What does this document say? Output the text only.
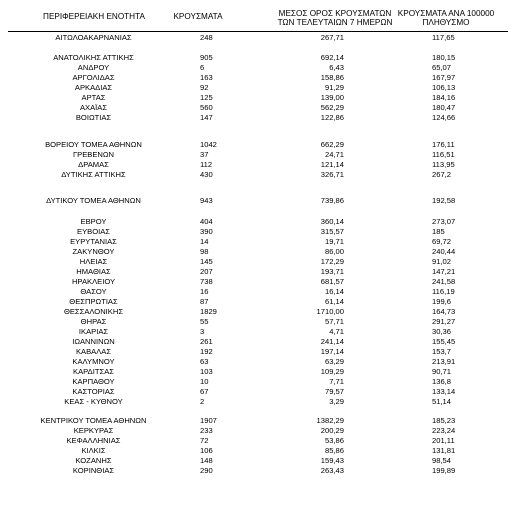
ΠΕΡΙΦΕΡΕΙΑΚΗ ΕΝΟΤΗΤΑ	ΚΡΟΥΣΜΑΤΑ	ΜΕΣΟΣ ΟΡΟΣ ΚΡΟΥΣΜΑΤΩΝ
ΤΩΝ ΤΕΛΕΥΤΑΙΩΝ 7 ΗΜΕΡΩΝ
ΚΡΟΥΣΜΑΤΑ ΑΝΑ 100000
ΠΛΗΘΥΣΜΟ
ΑΙΤΩΛΟΑΚΑΡΝΑΝΙΑΣ	248	267,71	117,65
ΑΝΑΤΟΛΙΚΗΣ ΑΤΤΙΚΗΣ	905	692,14	180,15
ΑΝΔΡΟΥ	6	6,43	65,07
ΑΡΓΟΛΙΔΑΣ	163	158,86	167,97
ΑΡΚΑΔΙΑΣ	92	91,29	106,13
ΑΡΤΑΣ	125	139,00	184,16
ΑΧΑΪΑΣ	560	562,29	180,47
ΒΟΙΩΤΙΑΣ	147	122,86	124,66
ΒΟΡΕΙΟΥ ΤΟΜΕΑ ΑΘΗΝΩΝ	1042	662,29	176,11
ΓΡΕΒΕΝΩΝ	37	24,71	116,51
ΔΡΑΜΑΣ	112	121,14	113,95
ΔΥΤΙΚΗΣ ΑΤΤΙΚΗΣ	430	326,71	267,2
ΔΥΤΙΚΟΥ ΤΟΜΕΑ ΑΘΗΝΩΝ	943	739,86	192,58
ΕΒΡΟΥ	404	360,14	273,07
ΕΥΒΟΙΑΣ	390	315,57	185
ΕΥΡΥΤΑΝΙΑΣ	14	19,71	69,72
ΖΑΚΥΝΘΟΥ	98	86,00	240,44
ΗΛΕΙΑΣ	145	172,29	91,02
ΗΜΑΘΙΑΣ	207	193,71	147,21
ΗΡΑΚΛΕΙΟΥ	738	681,57	241,58
ΘΑΣΟΥ	16	16,14	116,19
ΘΕΣΠΡΩΤΙΑΣ	87	61,14	199,6
ΘΕΣΣΑΛΟΝΙΚΗΣ	1829	1710,00	164,73
ΘΗΡΑΣ	55	57,71	291,27
ΙΚΑΡΙΑΣ	3	4,71	30,36
ΙΩΑΝΝΙΝΩΝ	261	241,14	155,45
ΚΑΒΑΛΑΣ	192	197,14	153,7
ΚΑΛΥΜΝΟΥ	63	63,29	213,91
ΚΑΡΔΙΤΣΑΣ	103	109,29	90,71
ΚΑΡΠΑΘΟΥ	10	7,71	136,8
ΚΑΣΤΟΡΙΑΣ	67	79,57	133,14
ΚΕΑΣ - ΚΥΘΝΟΥ	2	3,29	51,14
ΚΕΝΤΡΙΚΟΥ ΤΟΜΕΑ ΑΘΗΝΩΝ	1907	1382,29	185,23
ΚΕΡΚΥΡΑΣ	233	200,29	223,24
ΚΕΦΑΛΛΗΝΙΑΣ	72	53,86	201,11
ΚΙΛΚΙΣ	106	85,86	131,81
ΚΟΖΑΝΗΣ	148	159,43	98,54
ΚΟΡΙΝΘΙΑΣ	290	263,43	199,89
